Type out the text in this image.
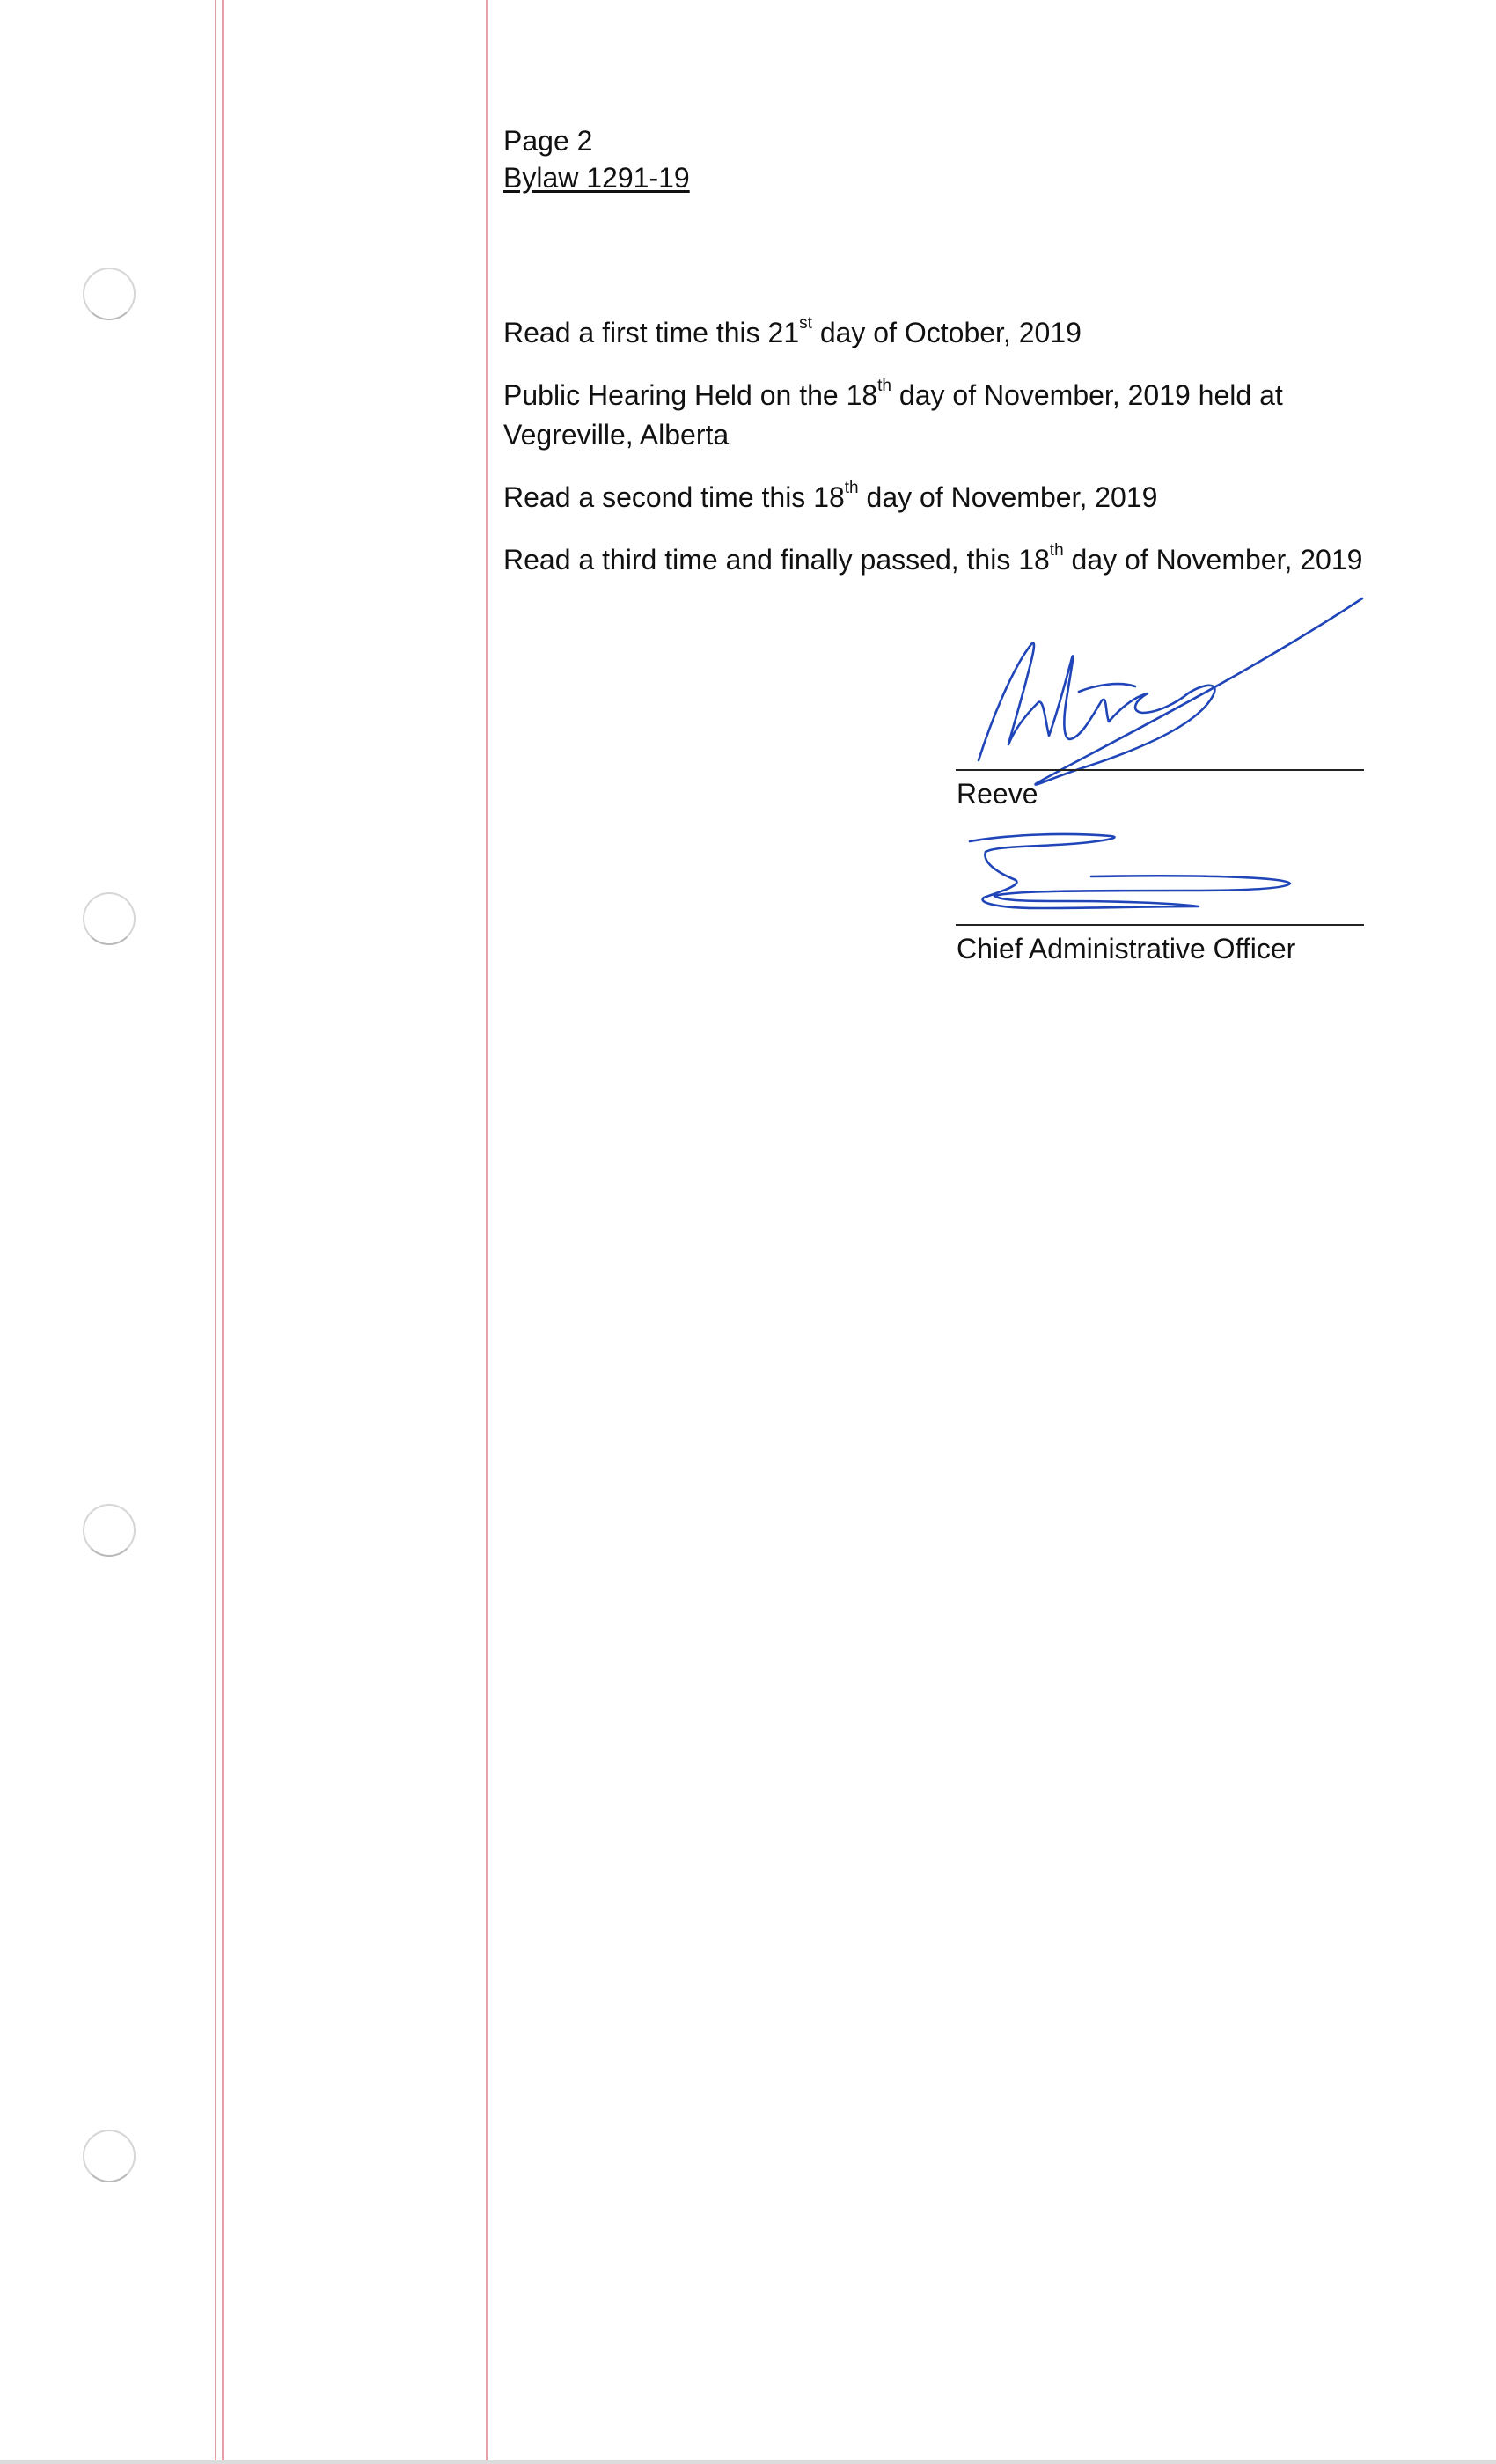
Page 2
Bylaw 1291-19

Read a first time this 21st day of October, 2019

Public Hearing Held on the 18th day of November, 2019 held at Vegreville, Alberta

Read a second time this 18th day of November, 2019

Read a third time and finally passed, this 18th day of November, 2019

Reeve
Chief Administrative Officer
